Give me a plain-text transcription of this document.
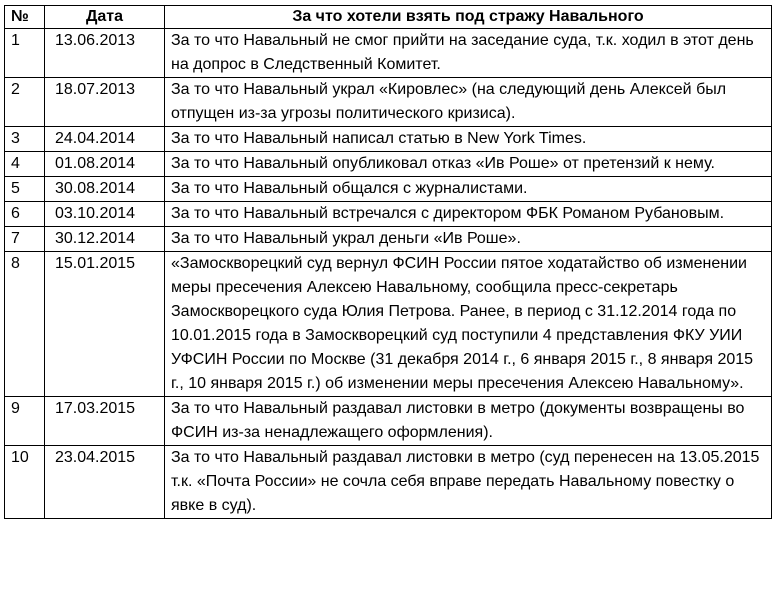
№	Дата	За что хотели взять под стражу Навального
1	13.06.2013	За то что Навальный не смог прийти на заседание суда, т.к. ходил в этот день на допрос в Следственный Комитет.
2	18.07.2013	За то что Навальный украл «Кировлес» (на следующий день Алексей был отпущен из-за угрозы политического кризиса).
3	24.04.2014	За то что Навальный написал статью в New York Times.
4	01.08.2014	За то что Навальный опубликовал отказ «Ив Роше» от претензий к нему.
5	30.08.2014	За то что Навальный общался с журналистами.
6	03.10.2014	За то что Навальный встречался с директором ФБК Романом Рубановым.
7	30.12.2014	За то что Навальный украл деньги «Ив Роше».
8	15.01.2015	«Замоскворецкий суд вернул ФСИН России пятое ходатайство об изменении меры пресечения Алексею Навальному, сообщила пресс-секретарь Замоскворецкого суда Юлия Петрова. Ранее, в период с 31.12.2014 года по 10.01.2015 года в Замоскворецкий суд поступили 4 представления ФКУ УИИ УФСИН России по Москве (31 декабря 2014 г., 6 января 2015 г., 8 января 2015 г., 10 января 2015 г.) об изменении меры пресечения Алексею Навальному».
9	17.03.2015	За то что Навальный раздавал листовки в метро (документы возвращены во ФСИН из-за ненадлежащего оформления).
10	23.04.2015	За то что Навальный раздавал листовки в метро (суд перенесен на 13.05.2015 т.к. «Почта России» не сочла себя вправе передать Навальному повестку о явке в суд).
